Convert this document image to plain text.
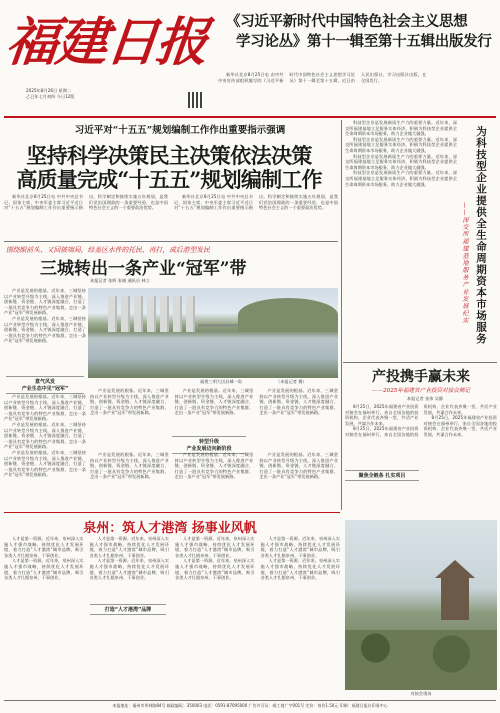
福建日报
2025年8月26日 星期二
乙巳年七月初四 今日12版
《习近平新时代中国特色社会主义思想
学习论丛》第十一辑至第十五辑出版发行

新华社北京8月25日电 由中共中央宣传部组织编写的《习近平新时代中国特色社会主义思想学习论丛》第十一辑至第十五辑，近日由人民出版社、学习出版社出版，在全国发行。

习近平对“十五五”规划编制工作作出重要指示强调
坚持科学决策民主决策依法决策
高质量完成“十五五”规划编制工作

新华社北京8月25日电 中共中央总书记、国家主席、中央军委主席习近平近日对“十五五”规划编制工作作出重要指示指出，科学制定和接续实施五年规划，是我们党治国理政的一条重要经验，也是中国特色社会主义的一个重要政治优势。

新华社北京8月25日电 中共中央总书记、国家主席、中央军委主席习近平近日对“十五五”规划编制工作作出重要指示指出，科学制定和接续实施五年规划，是我们党治国理政的一条重要经验，也是中国特色社会主义的一个重要政治优势。

围绕眼前头、又回披端局，经盖区水件的托民、再打，成后游型发民
三城转出一条产业“冠军”带
本报记者 张辉 张晓 通讯员 林立

产业是发展的根基。近年来，三城坚持以产业转型升级为主线，深入推进产业链、创新链、资金链、人才链深度融合，打造了一批具有竞争力的特色产业集群，走出一条产业“冠军”带发展新路。

产业是发展的根基。近年来，三城坚持以产业转型升级为主线，深入推进产业链、创新链、资金链、人才链深度融合，打造了一批具有竞争力的特色产业集群，走出一条产业“冠军”带发展新路。

福建三明大田县城一角	（本报记者 摄）
意气风发
产业生态中见“冠军”

产业是发展的根基。近年来，三城坚持以产业转型升级为主线，深入推进产业链、创新链、资金链、人才链深度融合，打造了一批具有竞争力的特色产业集群，走出一条产业“冠军”带发展新路。

产业是发展的根基。近年来，三城坚持以产业转型升级为主线，深入推进产业链、创新链、资金链、人才链深度融合，打造了一批具有竞争力的特色产业集群，走出一条产业“冠军”带发展新路。

产业是发展的根基。近年来，三城坚持以产业转型升级为主线，深入推进产业链、创新链、资金链、人才链深度融合，打造了一批具有竞争力的特色产业集群，走出一条产业“冠军”带发展新路。

产业是发展的根基。近年来，三城坚持以产业转型升级为主线，深入推进产业链、创新链、资金链、人才链深度融合，打造了一批具有竞争力的特色产业集群，走出一条产业“冠军”带发展新路。

产业是发展的根基。近年来，三城坚持以产业转型升级为主线，深入推进产业链、创新链、资金链、人才链深度融合，打造了一批具有竞争力的特色产业集群，走出一条产业“冠军”带发展新路。

产业是发展的根基。近年来，三城坚持以产业转型升级为主线，深入推进产业链、创新链、资金链、人才链深度融合，打造了一批具有竞争力的特色产业集群，走出一条产业“冠军”带发展新路。

转型升级
产业发展迈向新阶段

产业是发展的根基。近年来，三城坚持以产业转型升级为主线，深入推进产业链、创新链、资金链、人才链深度融合，打造了一批具有竞争力的特色产业集群，走出一条产业“冠军”带发展新路。

产业是发展的根基。近年来，三城坚持以产业转型升级为主线，深入推进产业链、创新链、资金链、人才链深度融合，打造了一批具有竞争力的特色产业集群，走出一条产业“冠军”带发展新路。

产业是发展的根基。近年来，三城坚持以产业转型升级为主线，深入推进产业链、创新链、资金链、人才链深度融合，打造了一批具有竞争力的特色产业集群，走出一条产业“冠军”带发展新路。

科技型企业是发展新质生产力的重要力量。近年来，深交所福建基地立足服务实体经济，积极为科技型企业提供全生命周期资本市场服务，助力企业做大做强。

科技型企业是发展新质生产力的重要力量。近年来，深交所福建基地立足服务实体经济，积极为科技型企业提供全生命周期资本市场服务，助力企业做大做强。

科技型企业是发展新质生产力的重要力量。近年来，深交所福建基地立足服务实体经济，积极为科技型企业提供全生命周期资本市场服务，助力企业做大做强。

科技型企业是发展新质生产力的重要力量。近年来，深交所福建基地立足服务实体经济，积极为科技型企业提供全生命周期资本市场服务，助力企业做大做强。	为科技型企业提供全生命周期资本市场服务
——深交所福建基地服务产业发展纪实
产投携手赢未来
——2025年福建省产业投资对接会侧记
本报记者 张伟 吴静

8月25日，2025年福建省产业投资对接会在福州举行，来自全国各地的投资机构、企业代表齐聚一堂，共话产业发展，共谋合作未来。

8月25日，2025年福建省产业投资对接会在福州举行，来自全国各地的投资机构、企业代表齐聚一堂，共话产业发展，共谋合作未来。

8月25日，2025年福建省产业投资对接会在福州举行，来自全国各地的投资机构、企业代表齐聚一堂，共话产业发展，共谋合作未来。

聚焦全链条 扎实项目
泉州：筑人才港湾 扬事业风帆

人才是第一资源。近年来，泉州深入实施人才强市战略，持续优化人才发展环境，着力打造“人才港湾”城市品牌，吸引各类人才扎根泉州、干事创业。

人才是第一资源。近年来，泉州深入实施人才强市战略，持续优化人才发展环境，着力打造“人才港湾”城市品牌，吸引各类人才扎根泉州、干事创业。

人才是第一资源。近年来，泉州深入实施人才强市战略，持续优化人才发展环境，着力打造“人才港湾”城市品牌，吸引各类人才扎根泉州、干事创业。

人才是第一资源。近年来，泉州深入实施人才强市战略，持续优化人才发展环境，着力打造“人才港湾”城市品牌，吸引各类人才扎根泉州、干事创业。

人才是第一资源。近年来，泉州深入实施人才强市战略，持续优化人才发展环境，着力打造“人才港湾”城市品牌，吸引各类人才扎根泉州、干事创业。

人才是第一资源。近年来，泉州深入实施人才强市战略，持续优化人才发展环境，着力打造“人才港湾”城市品牌，吸引各类人才扎根泉州、干事创业。

人才是第一资源。近年来，泉州深入实施人才强市战略，持续优化人才发展环境，着力打造“人才港湾”城市品牌，吸引各类人才扎根泉州、干事创业。

人才是第一资源。近年来，泉州深入实施人才强市战略，持续优化人才发展环境，着力打造“人才港湾”城市品牌，吸引各类人才扎根泉州、干事创业。

打造“人才港湾”品牌
对接会现场
本报地址：福州市华林路84号 邮政编码：350003 电话：0591-87095000 广告许可证：闽工商广字001号 定价：每份1.50元 印刷：福建日报社印务中心
